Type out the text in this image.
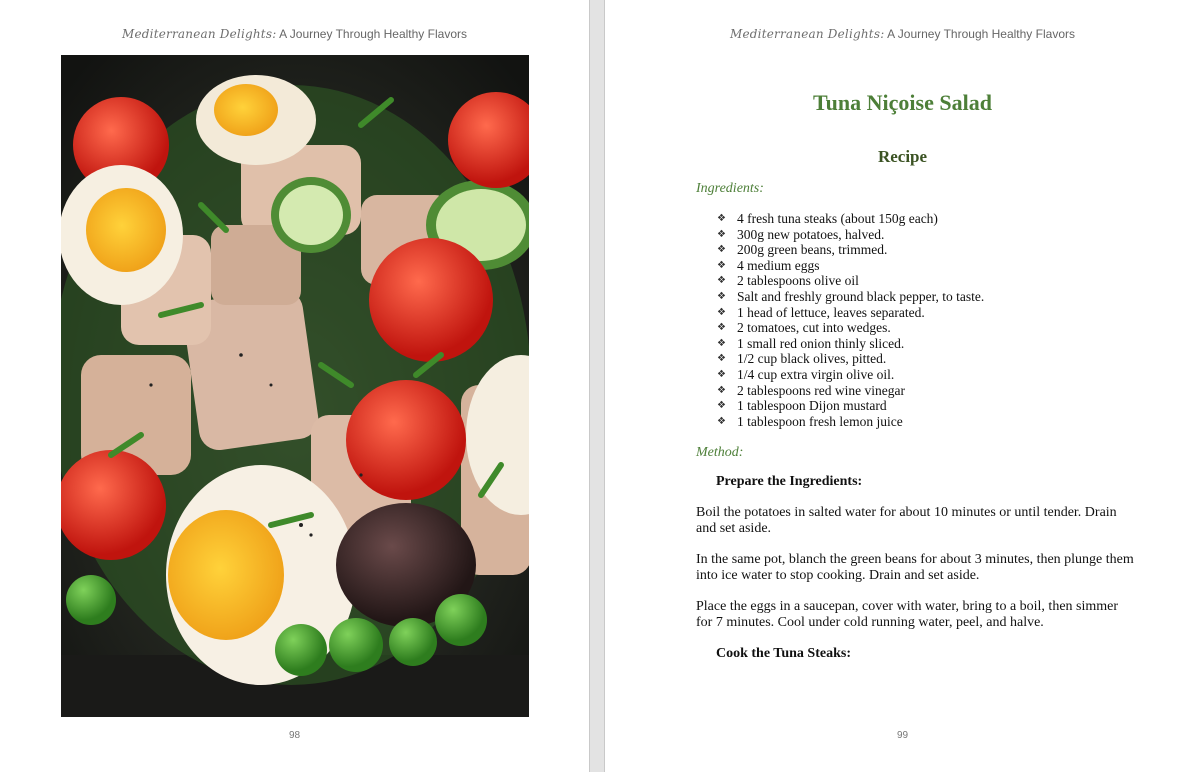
Mediterranean Delights: A Journey Through Healthy Flavors
98
Mediterranean Delights: A Journey Through Healthy Flavors
Tuna Niçoise Salad
Recipe
Ingredients:
❖ 4 fresh tuna steaks (about 150g each)
❖ 300g new potatoes, halved.
❖ 200g green beans, trimmed.
❖ 4 medium eggs
❖ 2 tablespoons olive oil
❖ Salt and freshly ground black pepper, to taste.
❖ 1 head of lettuce, leaves separated.
❖ 2 tomatoes, cut into wedges.
❖ 1 small red onion thinly sliced.
❖ 1/2 cup black olives, pitted.
❖ 1/4 cup extra virgin olive oil.
❖ 2 tablespoons red wine vinegar
❖ 1 tablespoon Dijon mustard
❖ 1 tablespoon fresh lemon juice
Method:
Prepare the Ingredients:
Boil the potatoes in salted water for about 10 minutes or until tender. Drain and set aside.
In the same pot, blanch the green beans for about 3 minutes, then plunge them into ice water to stop cooking. Drain and set aside.
Place the eggs in a saucepan, cover with water, bring to a boil, then simmer for 7 minutes. Cool under cold running water, peel, and halve.
Cook the Tuna Steaks:
99
